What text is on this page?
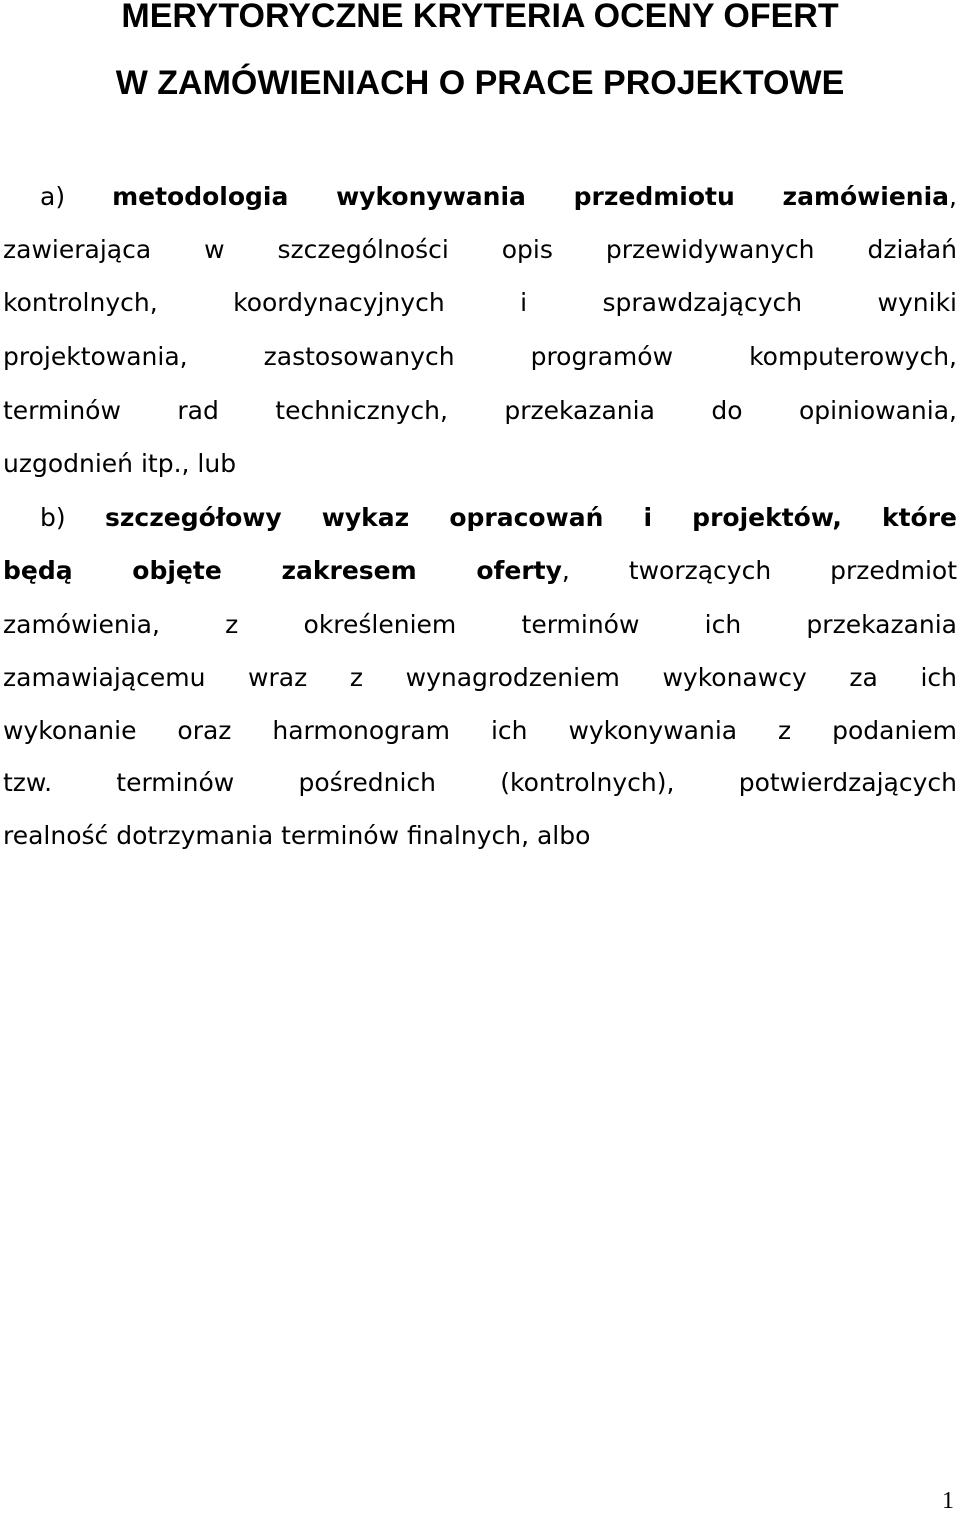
MERYTORYCZNE KRYTERIA OCENY OFERT
W ZAMÓWIENIACH O PRACE PROJEKTOWE
a) metodologia wykonywania przedmiotu zamówienia,
zawierająca w szczególności opis przewidywanych działań
kontrolnych, koordynacyjnych i sprawdzających wyniki
projektowania, zastosowanych programów komputerowych,
terminów rad technicznych, przekazania do opiniowania,
uzgodnień itp., lub
b) szczegółowy wykaz opracowań i projektów, które
będą objęte zakresem oferty, tworzących przedmiot
zamówienia, z określeniem terminów ich przekazania
zamawiającemu wraz z wynagrodzeniem wykonawcy za ich
wykonanie oraz harmonogram ich wykonywania z podaniem
tzw. terminów pośrednich (kontrolnych), potwierdzających
realność dotrzymania terminów finalnych, albo
1
